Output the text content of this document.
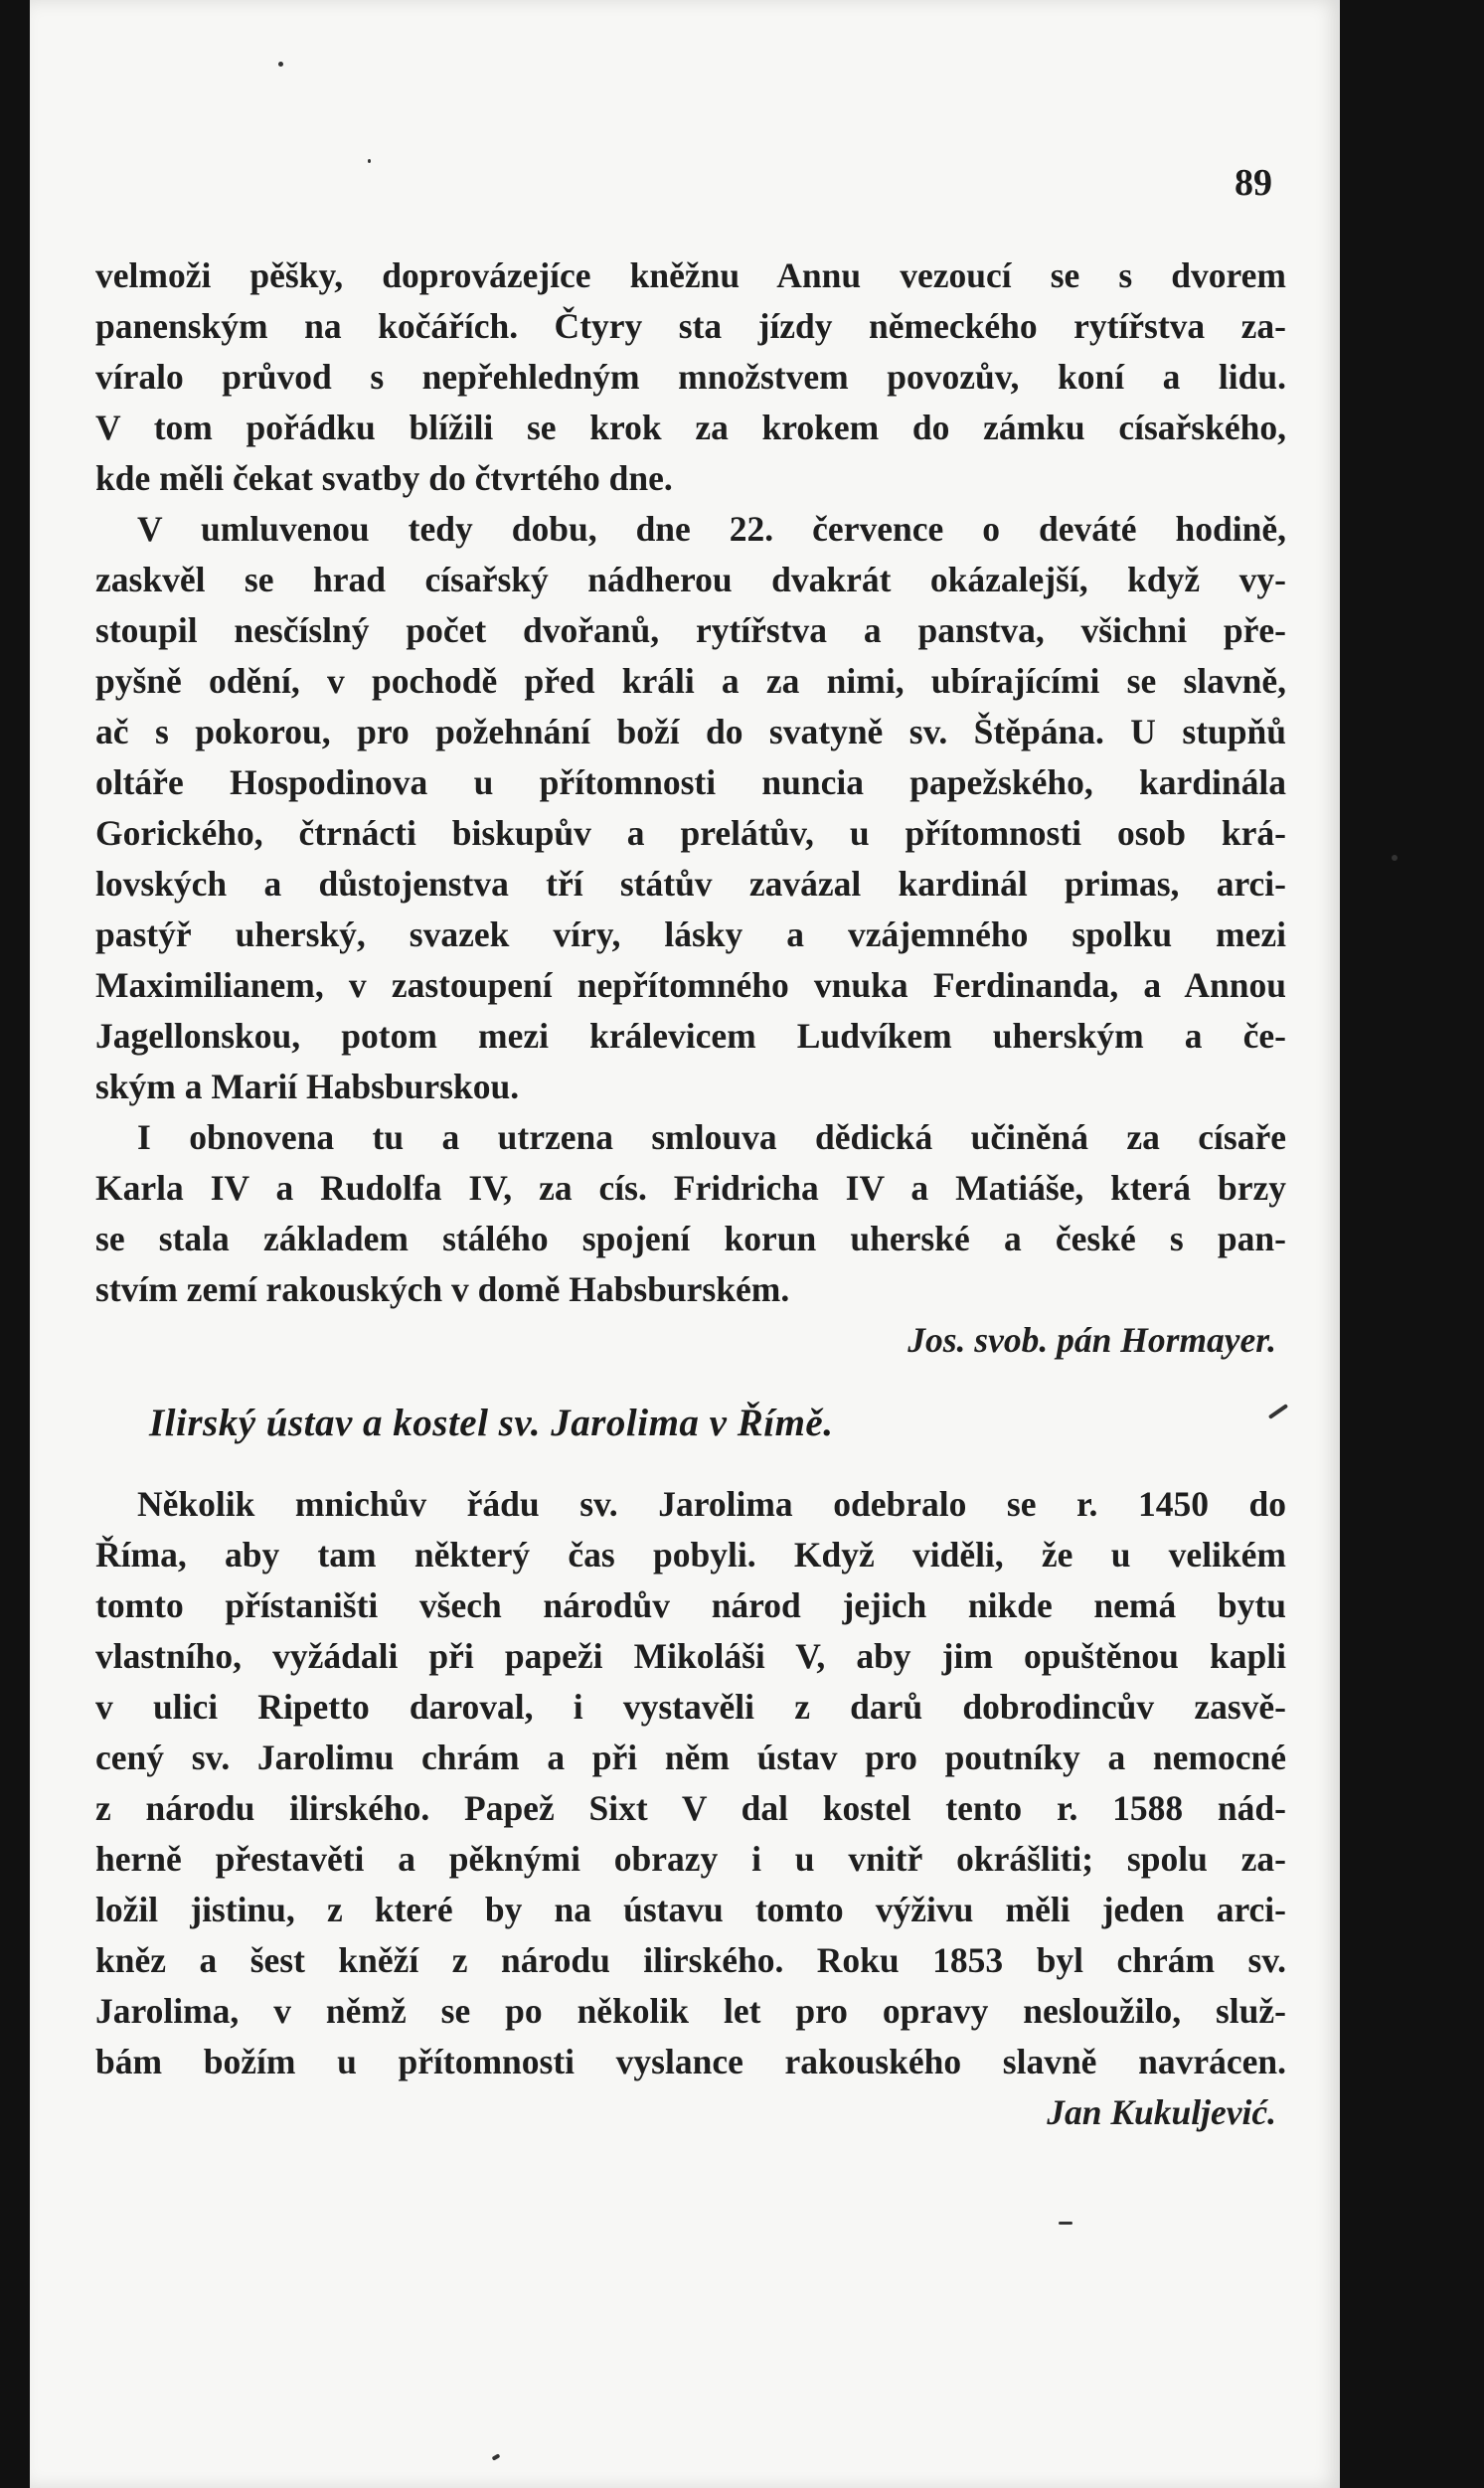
89
velmoži pěšky, doprovázejíce kněžnu Annu vezoucí se s dvorem
panenským na kočářích. Čtyry sta jízdy německého rytířstva za-
víralo průvod s nepřehledným množstvem povozův, koní a lidu.
V tom pořádku blížili se krok za krokem do zámku císařského,
kde měli čekat svatby do čtvrtého dne.
V umluvenou tedy dobu, dne 22. července o deváté hodině,
zaskvěl se hrad císařský nádherou dvakrát okázalejší, když vy-
stoupil nesčíslný počet dvořanů, rytířstva a panstva, všichni pře-
pyšně odění, v pochodě před králi a za nimi, ubírajícími se slavně,
ač s pokorou, pro požehnání boží do svatyně sv. Štěpána. U stupňů
oltáře Hospodinova u přítomnosti nuncia papežského, kardinála
Gorického, čtrnácti biskupův a prelátův, u přítomnosti osob krá-
lovských a důstojenstva tří státův zavázal kardinál primas, arci-
pastýř uherský, svazek víry, lásky a vzájemného spolku mezi
Maximilianem, v zastoupení nepřítomného vnuka Ferdinanda, a Annou
Jagellonskou, potom mezi králevicem Ludvíkem uherským a če-
ským a Marií Habsburskou.
I obnovena tu a utrzena smlouva dědická učiněná za císaře
Karla IV a Rudolfa IV, za cís. Fridricha IV a Matiáše, která brzy
se stala základem stálého spojení korun uherské a české s pan-
stvím zemí rakouských v domě Habsburském.
Jos. svob. pán Hormayer.
Ilirský ústav a kostel sv. Jarolima v Římě.
Několik mnichův řádu sv. Jarolima odebralo se r. 1450 do
Říma, aby tam některý čas pobyli. Když viděli, že u velikém
tomto přístaništi všech národův národ jejich nikde nemá bytu
vlastního, vyžádali při papeži Mikoláši V, aby jim opuštěnou kapli
v ulici Ripetto daroval, i vystavěli z darů dobrodincův zasvě-
cený sv. Jarolimu chrám a při něm ústav pro poutníky a nemocné
z národu ilirského. Papež Sixt V dal kostel tento r. 1588 nád-
herně přestavěti a pěknými obrazy i u vnitř okrášliti; spolu za-
ložil jistinu, z které by na ústavu tomto výživu měli jeden arci-
kněz a šest kněží z národu ilirského. Roku 1853 byl chrám sv.
Jarolima, v němž se po několik let pro opravy nesloužilo, služ-
bám božím u přítomnosti vyslance rakouského slavně navrácen.
Jan Kukuljević.
